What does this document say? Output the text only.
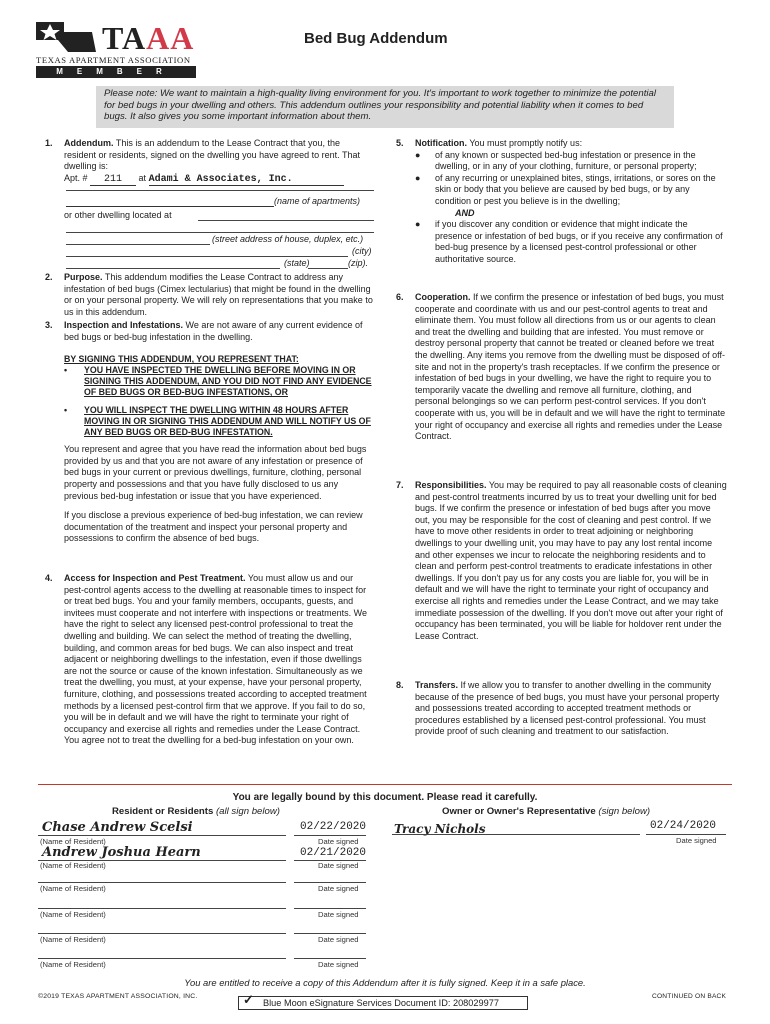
TAAA
TEXAS APARTMENT ASSOCIATION
MEMBER
Bed Bug Addendum
Please note: We want to maintain a high-quality living environment for you. It's important to work together to minimize the potential for bed bugs in your dwelling and others. This addendum outlines your responsibility and potential liability when it comes to bed bugs. It also gives you some important information about them.
1. Addendum. This is an addendum to the Lease Contract that you, the resident or residents, signed on the dwelling you have agreed to rent. That dwelling is:

Apt. # 211 at Adami & Associates, Inc.

(name of apartments)
or other dwelling located at
(street address of house, duplex, etc.)
(city)
(state)	(zip).
2. Purpose. This addendum modifies the Lease Contract to address any infestation of bed bugs (Cimex lectularius) that might be found in the dwelling or on your personal property. We will rely on representations that you make to us in this addendum.

3. Inspection and Infestations. We are not aware of any current evidence of bed bugs or bed-bug infestation in the dwelling.

BY SIGNING THIS ADDENDUM, YOU REPRESENT THAT:

• YOU HAVE INSPECTED THE DWELLING BEFORE MOVING IN OR SIGNING THIS ADDENDUM, AND YOU DID NOT FIND ANY EVIDENCE OF BED BUGS OR BED-BUG INFESTATIONS, OR
• YOU WILL INSPECT THE DWELLING WITHIN 48 HOURS AFTER MOVING IN OR SIGNING THIS ADDENDUM AND WILL NOTIFY US OF ANY BED BUGS OR BED-BUG INFESTATION.

You represent and agree that you have read the information about bed bugs provided by us and that you are not aware of any infestation or presence of bed bugs in your current or previous dwellings, furniture, clothing, personal property and possessions and that you have fully disclosed to us any previous bed-bug infestation or issue that you have experienced.

If you disclose a previous experience of bed-bug infestation, we can review documentation of the treatment and inspect your personal property and possessions to confirm the absence of bed bugs.

4. Access for Inspection and Pest Treatment. You must allow us and our pest-control agents access to the dwelling at reasonable times to inspect for or treat bed bugs. You and your family members, occupants, guests, and invitees must cooperate and not interfere with inspections or treatments. We have the right to select any licensed pest-control professional to treat the dwelling and building. We can select the method of treating the dwelling, building, and common areas for bed bugs. We can also inspect and treat adjacent or neighboring dwellings to the infestation, even if those dwellings are not the source or cause of the known infestation. Simultaneously as we treat the dwelling, you must, at your expense, have your personal property, furniture, clothing, and possessions treated according to accepted treatment methods by a licensed pest-control firm that we approve. If you fail to do so, you will be in default and we will have the right to terminate your right of occupancy and exercise all rights and remedies under the Lease Contract. You agree not to treat the dwelling for a bed-bug infestation on your own.

5. Notification. You must promptly notify us:

● of any known or suspected bed-bug infestation or presence in the dwelling, or in any of your clothing, furniture, or personal property;
● of any recurring or unexplained bites, stings, irritations, or sores on the skin or body that you believe are caused by bed bugs, or by any condition or pest you believe is in the dwelling;
AND
● if you discover any condition or evidence that might indicate the presence or infestation of bed bugs, or if you receive any confirmation of bed-bug presence by a licensed pest-control professional or other authoritative source.
6. Cooperation. If we confirm the presence or infestation of bed bugs, you must cooperate and coordinate with us and our pest-control agents to treat and eliminate them. You must follow all directions from us or our agents to clean and treat the dwelling and building that are infested. You must remove or destroy personal property that cannot be treated or cleaned before we treat the dwelling. Any items you remove from the dwelling must be disposed of off-site and not in the property's trash receptacles. If we confirm the presence or infestation of bed bugs in your dwelling, we have the right to require you to temporarily vacate the dwelling and remove all furniture, clothing, and personal belongings so we can perform pest-control services. If you don't cooperate with us, you will be in default and we will have the right to terminate your right of occupancy and exercise all rights and remedies under the Lease Contract.

7. Responsibilities. You may be required to pay all reasonable costs of cleaning and pest-control treatments incurred by us to treat your dwelling unit for bed bugs. If we confirm the presence or infestation of bed bugs after you move out, you may be responsible for the cost of cleaning and pest control. If we have to move other residents in order to treat adjoining or neighboring dwellings to your dwelling unit, you may have to pay any lost rental income and other expenses we incur to relocate the neighboring residents and to clean and perform pest-control treatments to eradicate infestations in other dwellings. If you don't pay us for any costs you are liable for, you will be in default and we will have the right to terminate your right of occupancy and exercise all rights and remedies under the Lease Contract, and we may take immediate possession of the dwelling. If you don't move out after your right of occupancy has been terminated, you will be liable for holdover rent under the Lease Contract.

8. Transfers. If we allow you to transfer to another dwelling in the community because of the presence of bed bugs, you must have your personal property and possessions treated according to accepted treatment methods or procedures established by a licensed pest-control professional. You must provide proof of such cleaning and treatment to our satisfaction.

You are legally bound by this document. Please read it carefully.
Resident or Residents (all sign below)	Owner or Owner's Representative (sign below)
Chase Andrew Scelsi	02/22/2020
(Name of Resident)	Date signed
Andrew Joshua Hearn	02/21/2020
(Name of Resident)	Date signed
(Name of Resident)	Date signed
(Name of Resident)	Date signed
(Name of Resident)	Date signed
(Name of Resident)	Date signed
Tracy Nichols	02/24/2020
Date signed
You are entitled to receive a copy of this Addendum after it is fully signed. Keep it in a safe place.
©2019 TEXAS APARTMENT ASSOCIATION, INC.	✓ Blue Moon eSignature Services Document ID: 208029977
CONTINUED ON BACK
